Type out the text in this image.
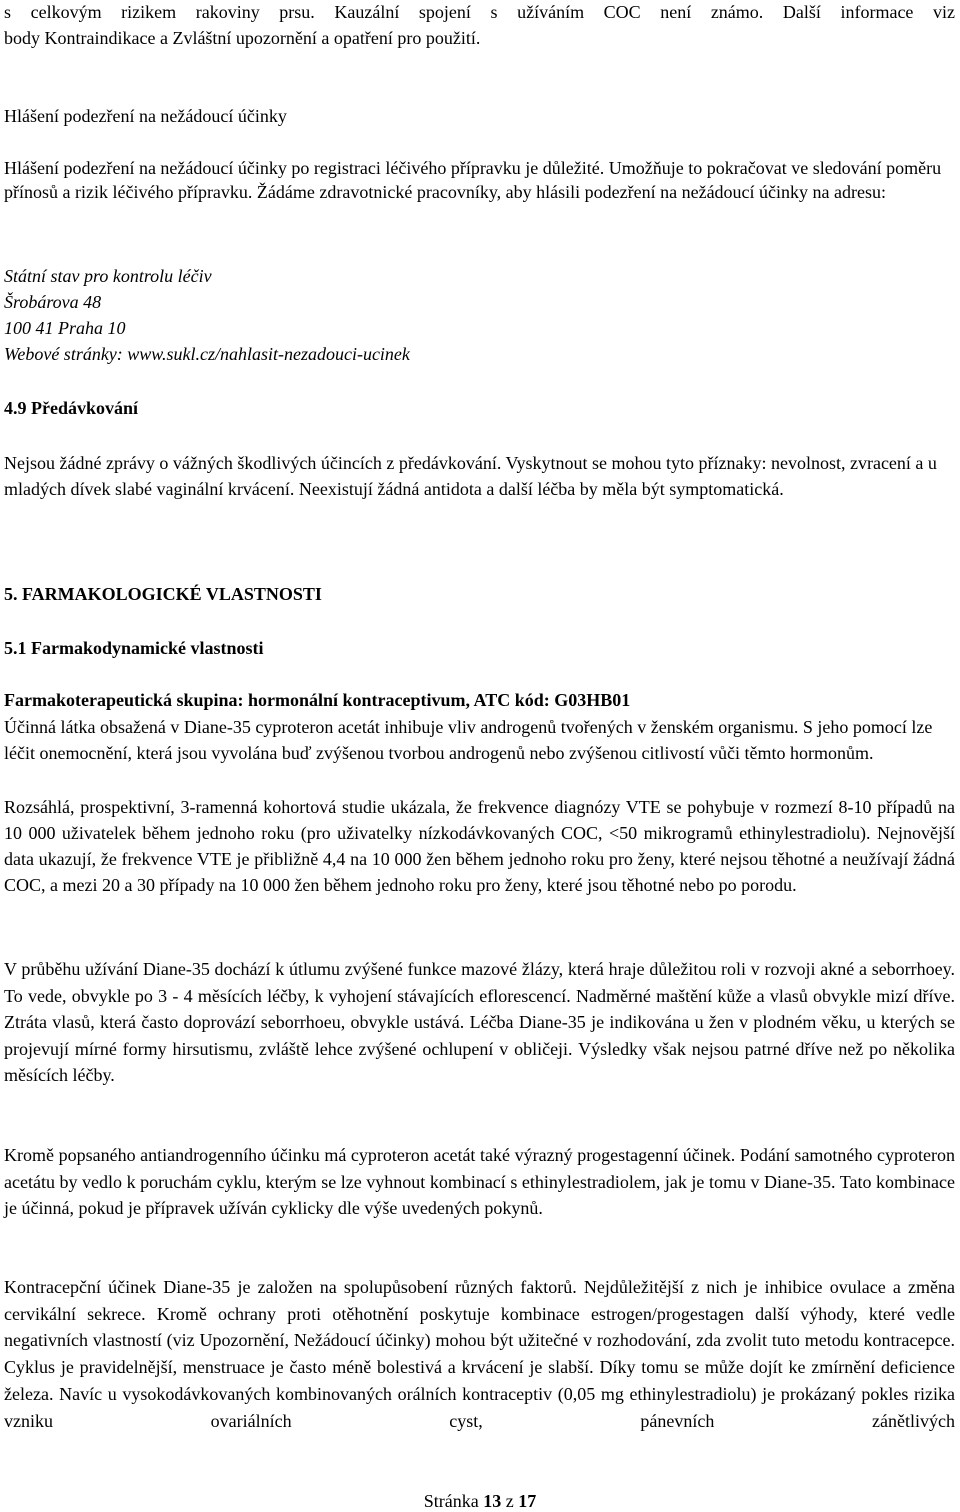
s celkovým rizikem rakoviny prsu. Kauzální spojení s užíváním COC není známo. Další informace viz

body Kontraindikace a Zvláštní upozornění a opatření pro použití.

Hlášení podezření na nežádoucí účinky

Hlášení podezření na nežádoucí účinky po registraci léčivého přípravku je důležité. Umožňuje to pokračovat ve sledování poměru přínosů a rizik léčivého přípravku. Žádáme zdravotnické pracovníky, aby hlásili podezření na nežádoucí účinky na adresu:

Státní stav pro kontrolu léčiv

Šrobárova 48

100 41 Praha 10

Webové stránky: www.sukl.cz/nahlasit-nezadouci-ucinek

4.9 Předávkování

Nejsou žádné zprávy o vážných škodlivých účincích z předávkování. Vyskytnout se mohou tyto příznaky: nevolnost, zvracení a u mladých dívek slabé vaginální krvácení. Neexistují žádná antidota a další léčba by měla být symptomatická.

5. FARMAKOLOGICKÉ VLASTNOSTI

5.1 Farmakodynamické vlastnosti

Farmakoterapeutická skupina: hormonální kontraceptivum, ATC kód: G03HB01

Účinná látka obsažená v Diane-35 cyproteron acetát inhibuje vliv androgenů tvořených v ženském organismu. S jeho pomocí lze léčit onemocnění, která jsou vyvolána buď zvýšenou tvorbou androgenů nebo zvýšenou citlivostí vůči těmto hormonům.

Rozsáhlá, prospektivní, 3-ramenná kohortová studie ukázala, že frekvence diagnózy VTE se pohybuje v rozmezí 8-10 případů na 10 000 uživatelek během jednoho roku (pro uživatelky nízkodávkovaných COC, <50 mikrogramů ethinylestradiolu). Nejnovější data ukazují, že frekvence VTE je přibližně 4,4 na 10 000 žen během jednoho roku pro ženy, které nejsou těhotné a neužívají žádná COC, a mezi 20 a 30 případy na 10 000 žen během jednoho roku pro ženy, které jsou těhotné nebo po porodu.

V průběhu užívání Diane-35 dochází k útlumu zvýšené funkce mazové žlázy, která hraje důležitou roli v rozvoji akné a seborrhoey. To vede, obvykle po 3 - 4 měsících léčby, k vyhojení stávajících eflorescencí. Nadměrné maštění kůže a vlasů obvykle mizí dříve. Ztráta vlasů, která často doprovází seborrhoeu, obvykle ustává. Léčba Diane-35 je indikována u žen v plodném věku, u kterých se projevují mírné formy hirsutismu, zvláště lehce zvýšené ochlupení v obličeji. Výsledky však nejsou patrné dříve než po několika měsících léčby.

Kromě popsaného antiandrogenního účinku má cyproteron acetát také výrazný progestagenní účinek. Podání samotného cyproteron acetátu by vedlo k poruchám cyklu, kterým se lze vyhnout kombinací s ethinylestradiolem, jak je tomu v Diane-35. Tato kombinace je účinná, pokud je přípravek užíván cyklicky dle výše uvedených pokynů.

Kontracepční účinek Diane-35 je založen na spolupůsobení různých faktorů. Nejdůležitější z nich je inhibice ovulace a změna cervikální sekrece. Kromě ochrany proti otěhotnění poskytuje kombinace estrogen/progestagen další výhody, které vedle negativních vlastností (viz Upozornění, Nežádoucí účinky) mohou být užitečné v rozhodování, zda zvolit tuto metodu kontracepce. Cyklus je pravidelnější, menstruace je často méně bolestivá a krvácení je slabší. Díky tomu se může dojít ke zmírnění deficience železa. Navíc u vysokodávkovaných kombinovaných orálních kontraceptiv (0,05 mg ethinylestradiolu) je prokázaný pokles rizika vzniku ovariálních cyst, pánevních zánětlivých

Stránka 13 z 17
